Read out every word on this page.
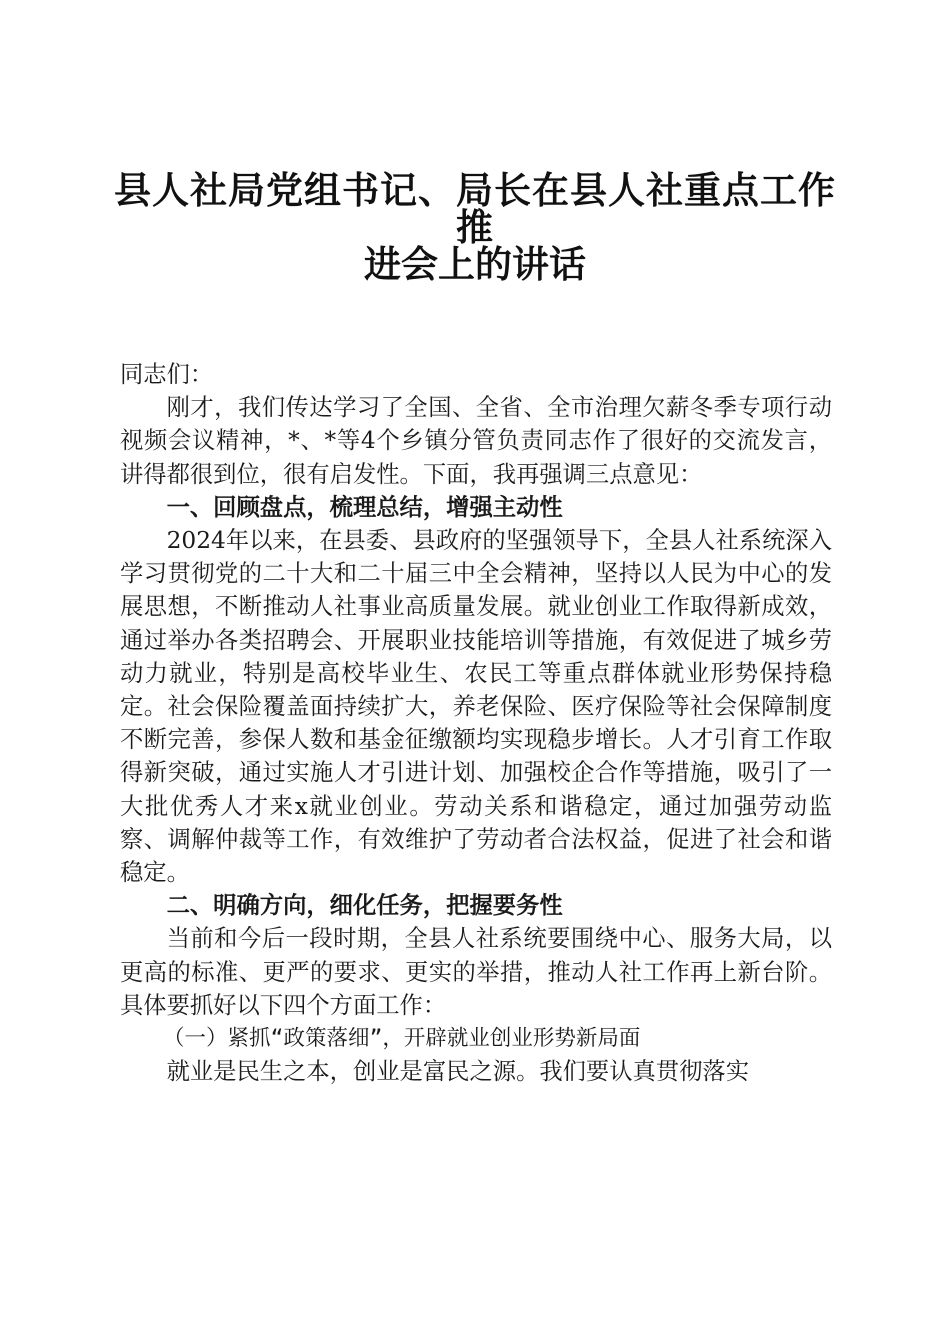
县人社局党组书记、局长在县人社重点工作推
进会上的讲话

同志们：

刚才，我们传达学习了全国、全省、全市治理欠薪冬季专项行动视频会议精神，*、*等4个乡镇分管负责同志作了很好的交流发言，讲得都很到位，很有启发性。下面，我再强调三点意见：

一、回顾盘点，梳理总结，增强主动性

2024年以来，在县委、县政府的坚强领导下，全县人社系统深入学习贯彻党的二十大和二十届三中全会精神，坚持以人民为中心的发展思想，不断推动人社事业高质量发展。就业创业工作取得新成效，通过举办各类招聘会、开展职业技能培训等措施，有效促进了城乡劳动力就业，特别是高校毕业生、农民工等重点群体就业形势保持稳定。社会保险覆盖面持续扩大，养老保险、医疗保险等社会保障制度不断完善，参保人数和基金征缴额均实现稳步增长。人才引育工作取得新突破，通过实施人才引进计划、加强校企合作等措施，吸引了一大批优秀人才来x就业创业。劳动关系和谐稳定，通过加强劳动监察、调解仲裁等工作，有效维护了劳动者合法权益，促进了社会和谐稳定。

二、明确方向，细化任务，把握要务性

当前和今后一段时期，全县人社系统要围绕中心、服务大局，以更高的标准、更严的要求、更实的举措，推动人社工作再上新台阶。具体要抓好以下四个方面工作：

（一）紧抓“政策落细”，开辟就业创业形势新局面

就业是民生之本，创业是富民之源。我们要认真贯彻落实
